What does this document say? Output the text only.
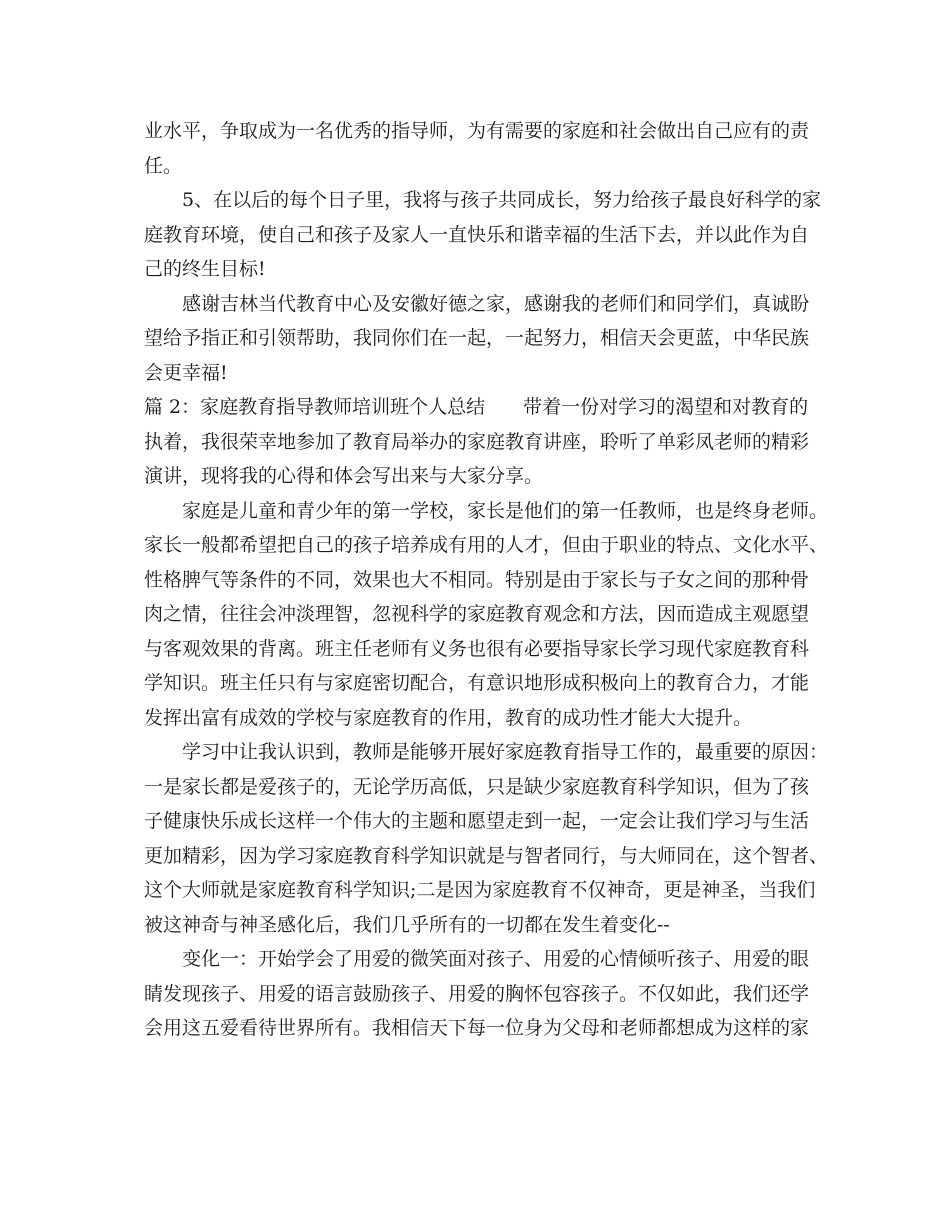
业水平，争取成为一名优秀的指导师，为有需要的家庭和社会做出自己应有的责
任。
5、在以后的每个日子里，我将与孩子共同成长，努力给孩子最良好科学的家
庭教育环境，使自己和孩子及家人一直快乐和谐幸福的生活下去，并以此作为自
己的终生目标!
感谢吉林当代教育中心及安徽好德之家，感谢我的老师们和同学们，真诚盼
望给予指正和引领帮助，我同你们在一起，一起努力，相信天会更蓝，中华民族
会更幸福!
篇 2：家庭教育指导教师培训班个人总结　　带着一份对学习的渴望和对教育的
执着，我很荣幸地参加了教育局举办的家庭教育讲座，聆听了单彩凤老师的精彩
演讲，现将我的心得和体会写出来与大家分享。
家庭是儿童和青少年的第一学校，家长是他们的第一任教师，也是终身老师。
家长一般都希望把自己的孩子培养成有用的人才，但由于职业的特点、文化水平、
性格脾气等条件的不同，效果也大不相同。特别是由于家长与子女之间的那种骨
肉之情，往往会冲淡理智，忽视科学的家庭教育观念和方法，因而造成主观愿望
与客观效果的背离。班主任老师有义务也很有必要指导家长学习现代家庭教育科
学知识。班主任只有与家庭密切配合，有意识地形成积极向上的教育合力，才能
发挥出富有成效的学校与家庭教育的作用，教育的成功性才能大大提升。
学习中让我认识到，教师是能够开展好家庭教育指导工作的，最重要的原因：
一是家长都是爱孩子的，无论学历高低，只是缺少家庭教育科学知识，但为了孩
子健康快乐成长这样一个伟大的主题和愿望走到一起，一定会让我们学习与生活
更加精彩，因为学习家庭教育科学知识就是与智者同行，与大师同在，这个智者、
这个大师就是家庭教育科学知识;二是因为家庭教育不仅神奇，更是神圣，当我们
被这神奇与神圣感化后，我们几乎所有的一切都在发生着变化--
变化一：开始学会了用爱的微笑面对孩子、用爱的心情倾听孩子、用爱的眼
睛发现孩子、用爱的语言鼓励孩子、用爱的胸怀包容孩子。不仅如此，我们还学
会用这五爱看待世界所有。我相信天下每一位身为父母和老师都想成为这样的家
